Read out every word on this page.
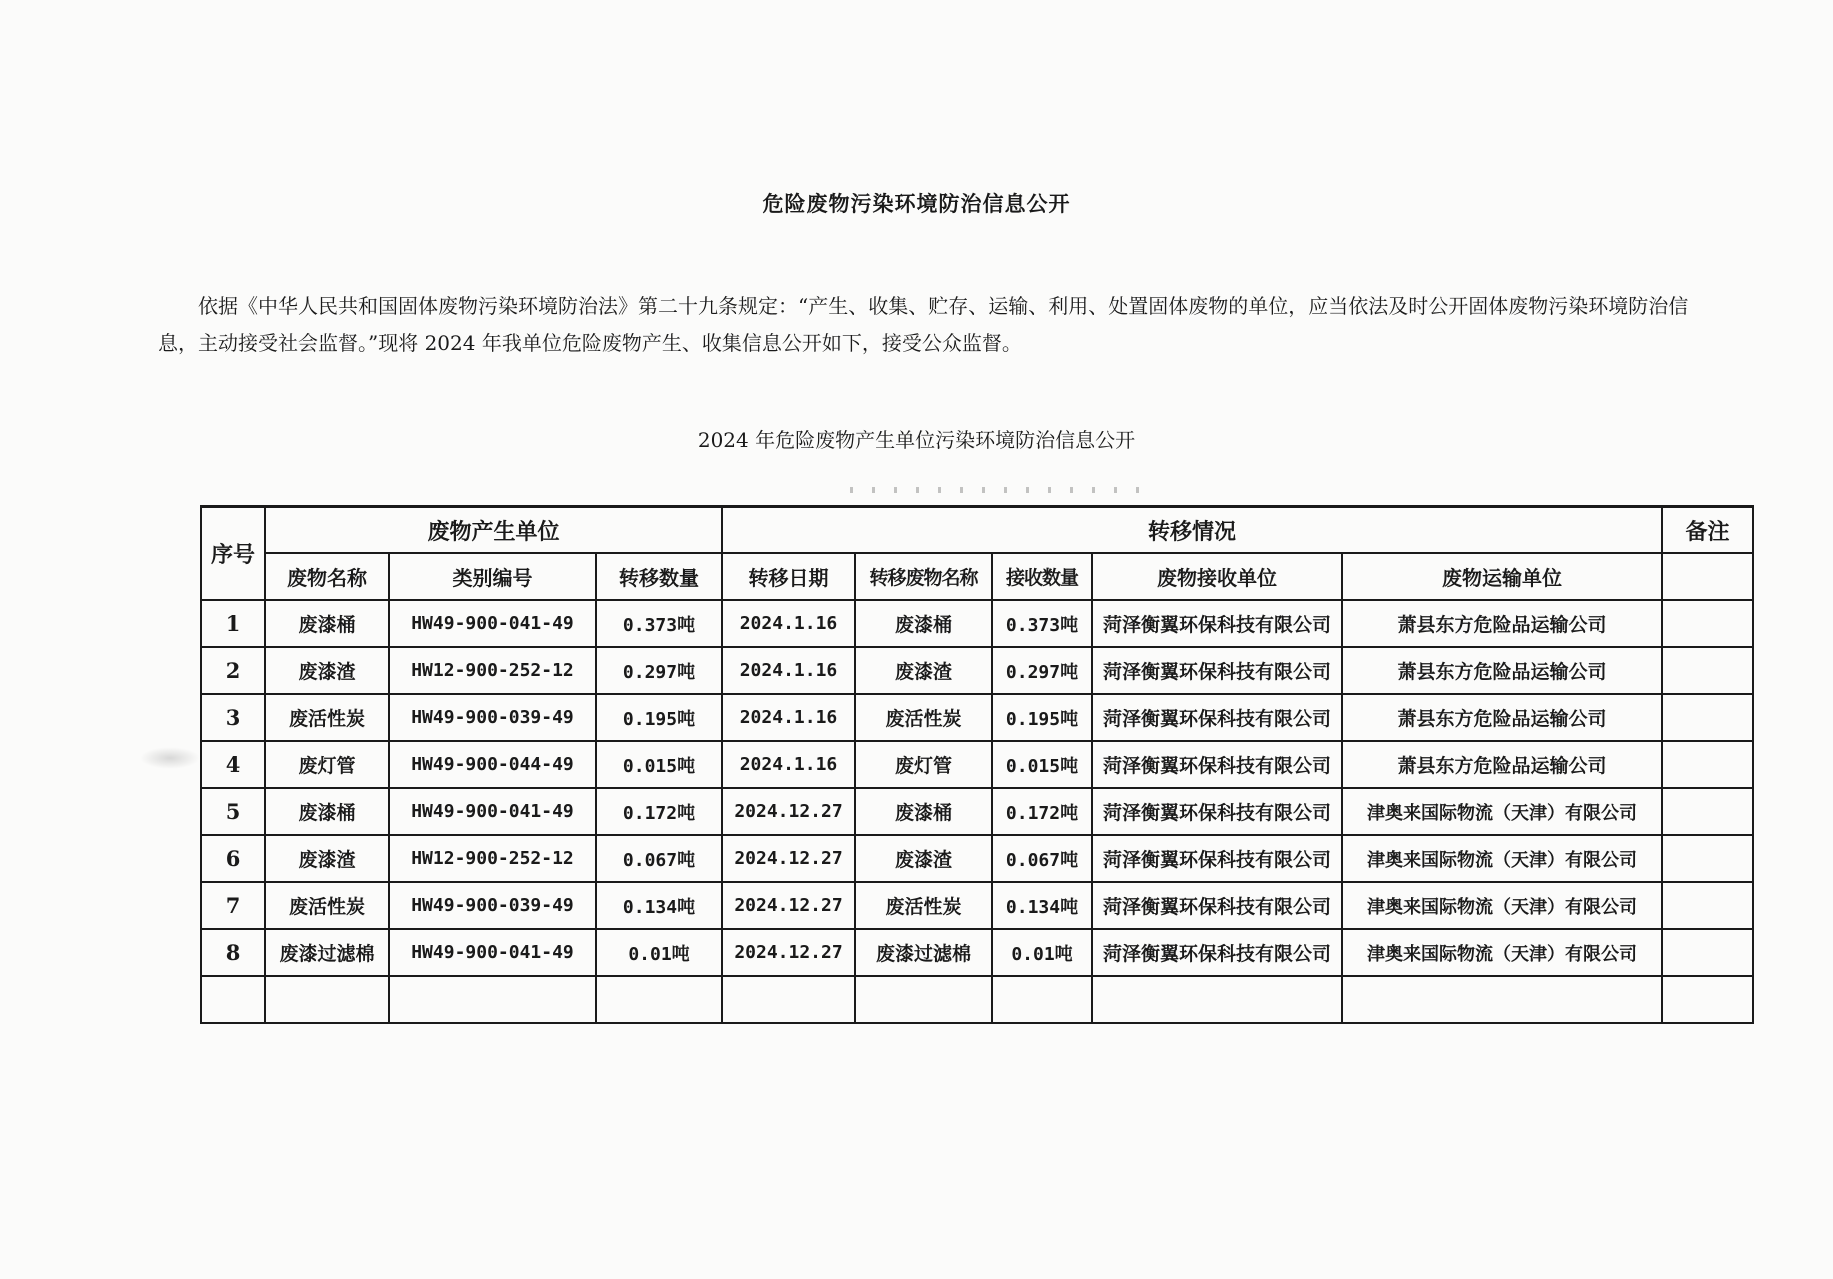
危险废物污染环境防治信息公开

依据《中华人民共和国固体废物污染环境防治法》第二十九条规定：“产生、收集、贮存、运输、利用、处置固体废物的单位，应当依法及时公开固体废物污染环境防治信息，主动接受社会监督。”现将 2024 年我单位危险废物产生、收集信息公开如下，接受公众监督。

2024 年危险废物产生单位污染环境防治信息公开
序号	废物产生单位			转移情况					备注
	废物名称	类别编号	转移数量	转移日期	转移废物名称	接收数量	废物接收单位	废物运输单位	
1	废漆桶	HW49-900-041-49	0.373吨	2024.1.16	废漆桶	0.373吨	菏泽衡翼环保科技有限公司	萧县东方危险品运输公司	
2	废漆渣	HW12-900-252-12	0.297吨	2024.1.16	废漆渣	0.297吨	菏泽衡翼环保科技有限公司	萧县东方危险品运输公司	
3	废活性炭	HW49-900-039-49	0.195吨	2024.1.16	废活性炭	0.195吨	菏泽衡翼环保科技有限公司	萧县东方危险品运输公司	
4	废灯管	HW49-900-044-49	0.015吨	2024.1.16	废灯管	0.015吨	菏泽衡翼环保科技有限公司	萧县东方危险品运输公司	
5	废漆桶	HW49-900-041-49	0.172吨	2024.12.27	废漆桶	0.172吨	菏泽衡翼环保科技有限公司	津奥来国际物流（天津）有限公司	
6	废漆渣	HW12-900-252-12	0.067吨	2024.12.27	废漆渣	0.067吨	菏泽衡翼环保科技有限公司	津奥来国际物流（天津）有限公司	
7	废活性炭	HW49-900-039-49	0.134吨	2024.12.27	废活性炭	0.134吨	菏泽衡翼环保科技有限公司	津奥来国际物流（天津）有限公司	
8	废漆过滤棉	HW49-900-041-49	0.01吨	2024.12.27	废漆过滤棉	0.01吨	菏泽衡翼环保科技有限公司	津奥来国际物流（天津）有限公司	
